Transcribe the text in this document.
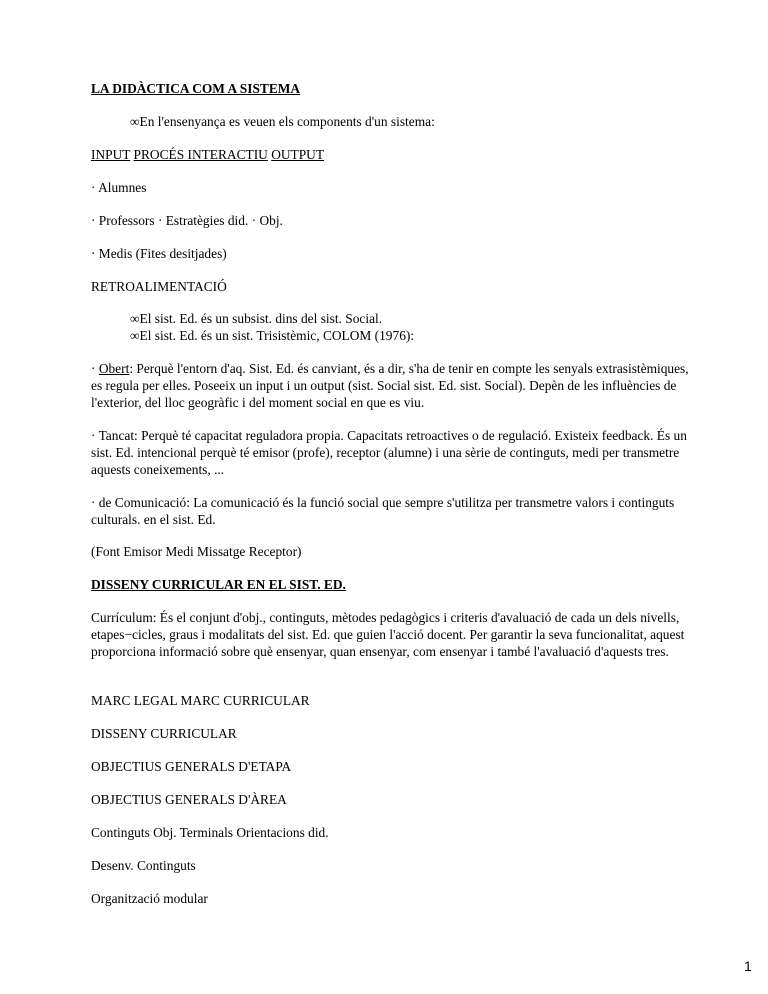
LA DIDÀCTICA COM A SISTEMA
∞En l'ensenyança es veuen els components d'un sistema:
INPUT PROCÉS INTERACTIU OUTPUT
· Alumnes
· Professors · Estratègies did. · Obj.
· Medis (Fites desitjades)
RETROALIMENTACIÓ
∞El sist. Ed. és un subsist. dins del sist. Social.
∞El sist. Ed. és un sist. Trisistèmic, COLOM (1976):
· Obert: Perquè l'entorn d'aq. Sist. Ed. és canviant, és a dir, s'ha de tenir en compte les senyals extrasistèmiques, es regula per elles. Poseeix un input i un output (sist. Social sist. Ed. sist. Social). Depèn de les influències de l'exterior, del lloc geogràfic i del moment social en que es viu.
· Tancat: Perquè té capacitat reguladora propia. Capacitats retroactives o de regulació. Existeix feedback. És un sist. Ed. intencional perquè té emisor (profe), receptor (alumne) i una sèrie de continguts, medi per transmetre aquests coneixements, ...
· de Comunicació: La comunicació és la funció social que sempre s'utilitza per transmetre valors i continguts culturals. en el sist. Ed.
(Font Emisor Medi Missatge Receptor)
DISSENY CURRICULAR EN EL SIST. ED.
Currículum: És el conjunt d'obj., continguts, mètodes pedagògics i criteris d'avaluació de cada un dels nivells, etapes−cicles, graus i modalitats del sist. Ed. que guien l'acció docent. Per garantir la seva funcionalitat, aquest proporciona informació sobre què ensenyar, quan ensenyar, com ensenyar i també l'avaluació d'aquests tres.
MARC LEGAL MARC CURRICULAR
DISSENY CURRICULAR
OBJECTIUS GENERALS D'ETAPA
OBJECTIUS GENERALS D'ÀREA
Continguts Obj. Terminals Orientacions did.
Desenv. Continguts
Organització modular
1
